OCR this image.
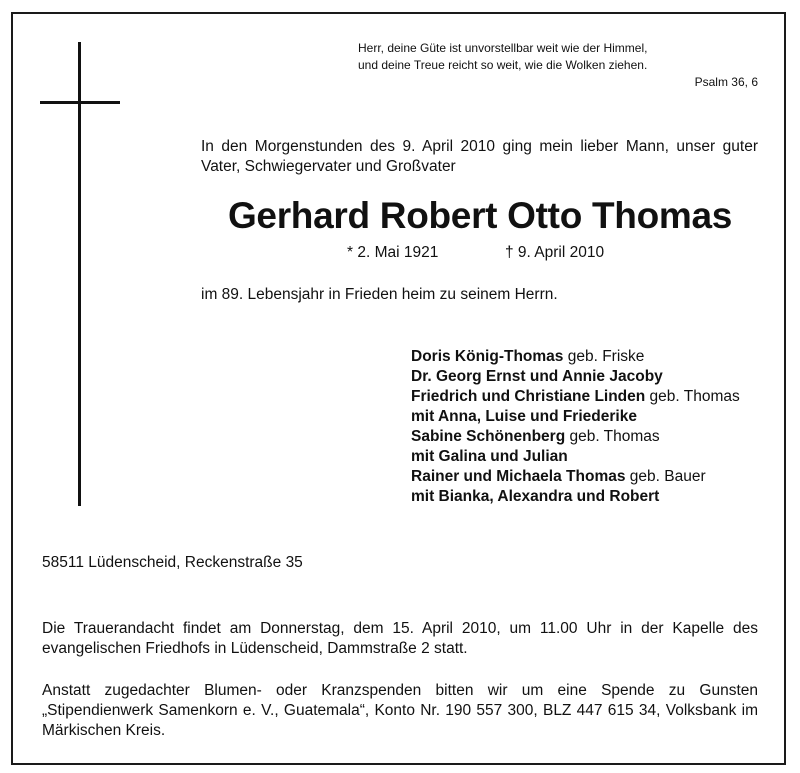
Herr, deine Güte ist unvorstellbar weit wie der Himmel,
und deine Treue reicht so weit, wie die Wolken ziehen.
Psalm 36, 6
In den Morgenstunden des 9. April 2010 ging mein lieber Mann, unser guter Vater, Schwiegervater und Großvater
Gerhard Robert Otto Thomas
* 2. Mai 1921	† 9. April 2010
im 89. Lebensjahr in Frieden heim zu seinem Herrn.
Doris König-Thomas geb. Friske
Dr. Georg Ernst und Annie Jacoby
Friedrich und Christiane Linden geb. Thomas
mit Anna, Luise und Friederike
Sabine Schönenberg geb. Thomas
mit Galina und Julian
Rainer und Michaela Thomas geb. Bauer
mit Bianka, Alexandra und Robert
58511 Lüdenscheid, Reckenstraße 35
Die Trauerandacht findet am Donnerstag, dem 15. April 2010, um 11.00 Uhr in der Kapelle des evangelischen Friedhofs in Lüdenscheid, Dammstraße 2 statt.
Anstatt zugedachter Blumen- oder Kranzspenden bitten wir um eine Spende zu Gunsten „Stipendienwerk Samenkorn e. V., Guatemala“, Konto Nr. 190 557 300, BLZ 447 615 34, Volksbank im Märkischen Kreis.
